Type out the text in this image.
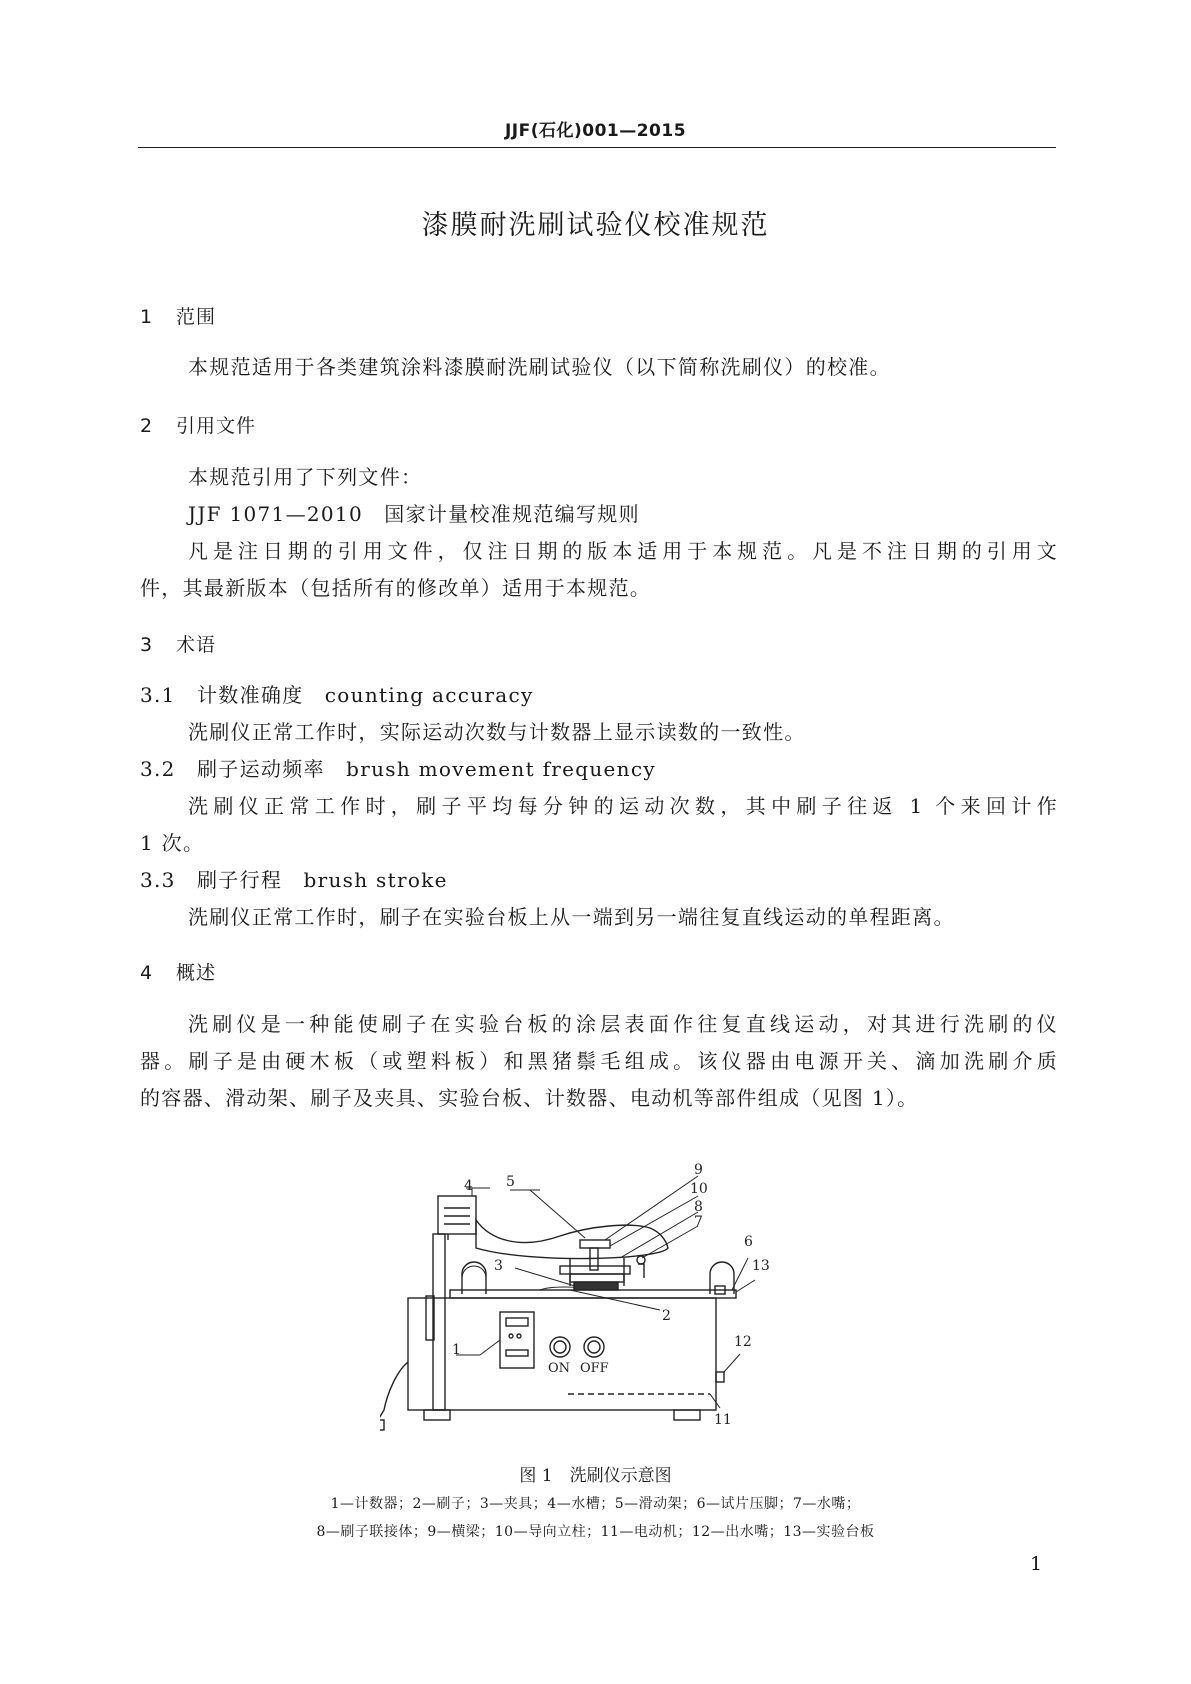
JJF(石化)001—2015
漆膜耐洗刷试验仪校准规范
1 范围
本规范适用于各类建筑涂料漆膜耐洗刷试验仪（以下简称洗刷仪）的校准。
2 引用文件
本规范引用了下列文件：
JJF 1071—2010　国家计量校准规范编写规则
凡是注日期的引用文件，仅注日期的版本适用于本规范。凡是不注日期的引用文
件，其最新版本（包括所有的修改单）适用于本规范。
3 术语
3.1　计数准确度　counting accuracy
洗刷仪正常工作时，实际运动次数与计数器上显示读数的一致性。
3.2　刷子运动频率　brush movement frequency
洗刷仪正常工作时，刷子平均每分钟的运动次数，其中刷子往返 1 个来回计作
1 次。
3.3　刷子行程　brush stroke
洗刷仪正常工作时，刷子在实验台板上从一端到另一端往复直线运动的单程距离。
4 概述
洗刷仪是一种能使刷子在实验台板的涂层表面作往复直线运动，对其进行洗刷的仪
器。刷子是由硬木板（或塑料板）和黑猪鬃毛组成。该仪器由电源开关、滴加洗刷介质
的容器、滑动架、刷子及夹具、实验台板、计数器、电动机等部件组成（见图 1）。
4 5
3
2
1
9
10
8
7
6
13
12
11
ON OFF
图 1　洗刷仪示意图
1—计数器；2—刷子；3—夹具；4—水槽；5—滑动架；6—试片压脚；7—水嘴；
8—刷子联接体；9—横梁；10—导向立柱；11—电动机；12—出水嘴；13—实验台板
1
